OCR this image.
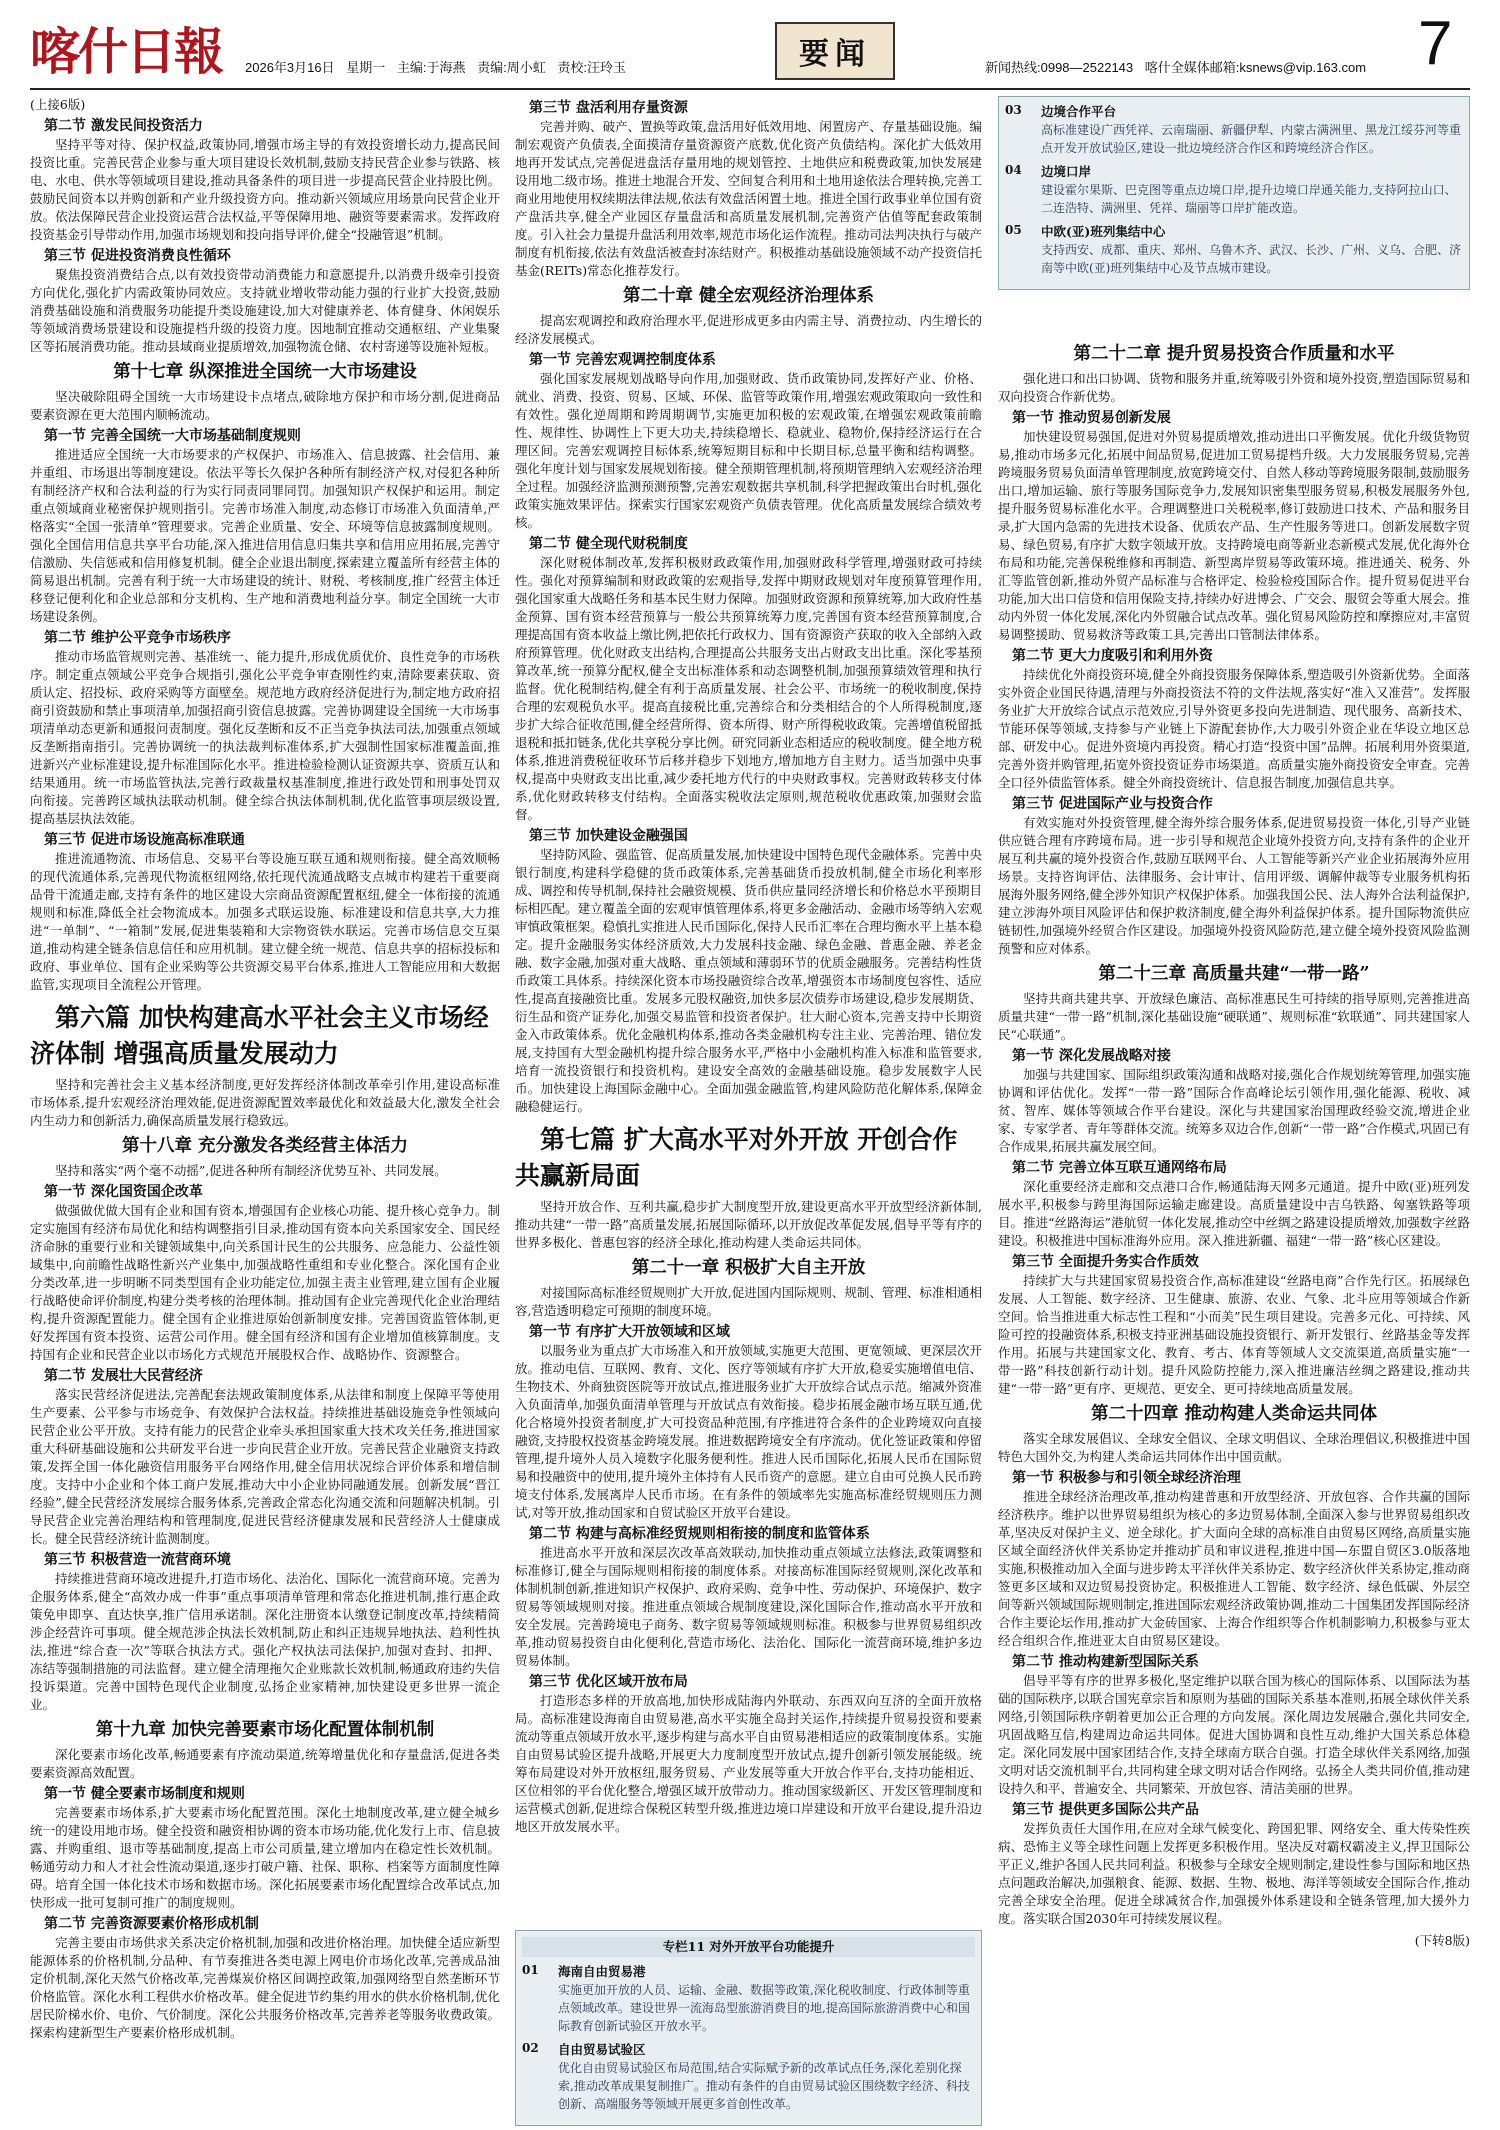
喀什日報 2026年3月16日 星期一 主编:于海燕 责编:周小虹 责校:汪玲玉	要闻	新闻热线:0998—2522143 喀什全媒体邮箱:ksnews@vip.163.com 7
(上接6版)
第二节 激发民间投资活力
坚持平等对待、保护权益,政策协同,增强市场主导的有效投资增长动力,提高民间投资比重。完善民营企业参与重大项目建设长效机制,鼓励支持民营企业参与铁路、核电、水电、供水等领域项目建设,推动具备条件的项目进一步提高民营企业持股比例。鼓励民间资本以并购创新和产业升级投资方向。推动新兴领域应用场景向民营企业开放。依法保障民营企业投资运营合法权益,平等保障用地、融资等要素需求。发挥政府投资基金引导带动作用,加强市场规划和投向指导评价,健全“投融管退”机制。
第三节 促进投资消费良性循环
聚焦投资消费结合点,以有效投资带动消费能力和意愿提升,以消费升级牵引投资方向优化,强化扩内需政策协同效应。支持就业增收带动能力强的行业扩大投资,鼓励消费基础设施和消费服务功能提升类设施建设,加大对健康养老、体育健身、休闲娱乐等领域消费场景建设和设施提档升级的投资力度。因地制宜推动交通枢纽、产业集聚区等拓展消费功能。推动县域商业提质增效,加强物流仓储、农村寄递等设施补短板。
第十七章 纵深推进全国统一大市场建设
坚决破除阻碍全国统一大市场建设卡点堵点,破除地方保护和市场分割,促进商品要素资源在更大范围内顺畅流动。
第一节 完善全国统一大市场基础制度规则
推进适应全国统一大市场要求的产权保护、市场准入、信息披露、社会信用、兼并重组、市场退出等制度建设。依法平等长久保护各种所有制经济产权,对侵犯各种所有制经济产权和合法利益的行为实行同责同罪同罚。加强知识产权保护和运用。制定重点领域商业秘密保护规则指引。完善市场准入制度,动态修订市场准入负面清单,严格落实“全国一张清单”管理要求。完善企业质量、安全、环境等信息披露制度规则。强化全国信用信息共享平台功能,深入推进信用信息归集共享和信用应用拓展,完善守信激励、失信惩戒和信用修复机制。健全企业退出制度,探索建立覆盖所有经营主体的简易退出机制。完善有利于统一大市场建设的统计、财税、考核制度,推广经营主体迁移登记便利化和企业总部和分支机构、生产地和消费地利益分享。制定全国统一大市场建设条例。
第二节 维护公平竞争市场秩序
推动市场监管规则完善、基准统一、能力提升,形成优质优价、良性竞争的市场秩序。制定重点领域公平竞争合规指引,强化公平竞争审查刚性约束,清除要素获取、资质认定、招投标、政府采购等方面壁垒。规范地方政府经济促进行为,制定地方政府招商引资鼓励和禁止事项清单,加强招商引资信息披露。完善协调建设全国统一大市场事项清单动态更新和通报问责制度。强化反垄断和反不正当竞争执法司法,加强重点领域反垄断指南指引。完善协调统一的执法裁判标准体系,扩大强制性国家标准覆盖面,推进新兴产业标准建设,提升标准国际化水平。推进检验检测认证资源共享、资质互认和结果通用。统一市场监管执法,完善行政裁量权基准制度,推进行政处罚和刑事处罚双向衔接。完善跨区域执法联动机制。健全综合执法体制机制,优化监管事项层级设置,提高基层执法效能。
第三节 促进市场设施高标准联通
推进流通物流、市场信息、交易平台等设施互联互通和规则衔接。健全高效顺畅的现代流通体系,完善现代物流枢纽网络,依托现代流通战略支点城市构建若干重要商品骨干流通走廊,支持有条件的地区建设大宗商品资源配置枢纽,健全一体衔接的流通规则和标准,降低全社会物流成本。加强多式联运设施、标准建设和信息共享,大力推进“一单制”、“一箱制”发展,促进集装箱和大宗物资铁水联运。完善市场信息交互渠道,推动构建全链条信息信任和应用机制。建立健全统一规范、信息共享的招标投标和政府、事业单位、国有企业采购等公共资源交易平台体系,推进人工智能应用和大数据监管,实现项目全流程公开管理。
第六篇 加快构建高水平社会主义市场经济体制 增强高质量发展动力
坚持和完善社会主义基本经济制度,更好发挥经济体制改革牵引作用,建设高标准市场体系,提升宏观经济治理效能,促进资源配置效率最优化和效益最大化,激发全社会内生动力和创新活力,确保高质量发展行稳致远。
第十八章 充分激发各类经营主体活力
坚持和落实“两个毫不动摇”,促进各种所有制经济优势互补、共同发展。
第一节 深化国资国企改革
做强做优做大国有企业和国有资本,增强国有企业核心功能、提升核心竞争力。制定实施国有经济布局优化和结构调整指引目录,推动国有资本向关系国家安全、国民经济命脉的重要行业和关键领域集中,向关系国计民生的公共服务、应急能力、公益性领域集中,向前瞻性战略性新兴产业集中,加强战略性重组和专业化整合。深化国有企业分类改革,进一步明晰不同类型国有企业功能定位,加强主责主业管理,建立国有企业履行战略使命评价制度,构建分类考核的治理体制。推动国有企业完善现代化企业治理结构,提升资源配置能力。健全国有企业推进原始创新制度安排。完善国资监管体制,更好发挥国有资本投资、运营公司作用。健全国有经济和国有企业增加值核算制度。支持国有企业和民营企业以市场化方式规范开展股权合作、战略协作、资源整合。
第二节 发展壮大民营经济
落实民营经济促进法,完善配套法规政策制度体系,从法律和制度上保障平等使用生产要素、公平参与市场竞争、有效保护合法权益。持续推进基础设施竞争性领域向民营企业公平开放。支持有能力的民营企业牵头承担国家重大技术攻关任务,推进国家重大科研基础设施和公共研发平台进一步向民营企业开放。完善民营企业融资支持政策,发挥全国一体化融资信用服务平台网络作用,健全信用状况综合评价体系和增信制度。支持中小企业和个体工商户发展,推动大中小企业协同融通发展。创新发展“晋江经验”,健全民营经济发展综合服务体系,完善政企常态化沟通交流和问题解决机制。引导民营企业完善治理结构和管理制度,促进民营经济健康发展和民营经济人士健康成长。健全民营经济统计监测制度。
第三节 积极营造一流营商环境
持续推进营商环境改进提升,打造市场化、法治化、国际化一流营商环境。完善为企服务体系,健全“高效办成一件事”重点事项清单管理和常态化推进机制,推行惠企政策免申即享、直达快享,推广信用承诺制。深化注册资本认缴登记制度改革,持续精简涉企经营许可事项。健全规范涉企执法长效机制,防止和纠正违规异地执法、趋利性执法,推进“综合查一次”等联合执法方式。强化产权执法司法保护,加强对查封、扣押、冻结等强制措施的司法监督。建立健全清理拖欠企业账款长效机制,畅通政府违约失信投诉渠道。完善中国特色现代企业制度,弘扬企业家精神,加快建设更多世界一流企业。
第十九章 加快完善要素市场化配置体制机制
深化要素市场化改革,畅通要素有序流动渠道,统筹增量优化和存量盘活,促进各类要素资源高效配置。
第一节 健全要素市场制度和规则
完善要素市场体系,扩大要素市场化配置范围。深化土地制度改革,建立健全城乡统一的建设用地市场。健全投资和融资相协调的资本市场功能,优化发行上市、信息披露、并购重组、退市等基础制度,提高上市公司质量,建立增加内在稳定性长效机制。畅通劳动力和人才社会性流动渠道,逐步打破户籍、社保、职称、档案等方面制度性障碍。培育全国一体化技术市场和数据市场。深化拓展要素市场化配置综合改革试点,加快形成一批可复制可推广的制度规则。
第二节 完善资源要素价格形成机制
完善主要由市场供求关系决定价格机制,加强和改进价格治理。加快健全适应新型能源体系的价格机制,分品种、有节奏推进各类电源上网电价市场化改革,完善成品油定价机制,深化天然气价格改革,完善煤炭价格区间调控政策,加强网络型自然垄断环节价格监管。深化水利工程供水价格改革。健全促进节约集约用水的供水价格机制,优化居民阶梯水价、电价、气价制度。深化公共服务价格改革,完善养老等服务收费政策。探索构建新型生产要素价格形成机制。
第三节 盘活利用存量资源
完善并购、破产、置换等政策,盘活用好低效用地、闲置房产、存量基础设施。编制宏观资产负债表,全面摸清存量资源资产底数,优化资产负债结构。深化扩大低效用地再开发试点,完善促进盘活存量用地的规划管控、土地供应和税费政策,加快发展建设用地二级市场。推进土地混合开发、空间复合利用和土地用途依法合理转换,完善工商业用地使用权续期法律法规,依法有效盘活闲置土地。推进全国行政事业单位国有资产盘活共享,健全产业园区存量盘活和高质量发展机制,完善资产估值等配套政策制度。引入社会力量提升盘活利用效率,规范市场化运作流程。推动司法判决执行与破产制度有机衔接,依法有效盘活被查封冻结财产。积极推动基础设施领域不动产投资信托基金(REITs)常态化推荐发行。
第二十章 健全宏观经济治理体系
提高宏观调控和政府治理水平,促进形成更多由内需主导、消费拉动、内生增长的经济发展模式。
第一节 完善宏观调控制度体系
强化国家发展规划战略导向作用,加强财政、货币政策协同,发挥好产业、价格、就业、消费、投资、贸易、区域、环保、监管等政策作用,增强宏观政策取向一致性和有效性。强化逆周期和跨周期调节,实施更加积极的宏观政策,在增强宏观政策前瞻性、规律性、协调性上下更大功夫,持续稳增长、稳就业、稳物价,保持经济运行在合理区间。完善宏观调控目标体系,统筹短期目标和中长期目标,总量平衡和结构调整。强化年度计划与国家发展规划衔接。健全预期管理机制,将预期管理纳入宏观经济治理全过程。加强经济监测预测预警,完善宏观数据共享机制,科学把握政策出台时机,强化政策实施效果评估。探索实行国家宏观资产负债表管理。优化高质量发展综合绩效考核。
第二节 健全现代财税制度
深化财税体制改革,发挥积极财政政策作用,加强财政科学管理,增强财政可持续性。强化对预算编制和财政政策的宏观指导,发挥中期财政规划对年度预算管理作用,强化国家重大战略任务和基本民生财力保障。加强财政资源和预算统筹,加大政府性基金预算、国有资本经营预算与一般公共预算统筹力度,完善国有资本经营预算制度,合理提高国有资本收益上缴比例,把依托行政权力、国有资源资产获取的收入全部纳入政府预算管理。优化财政支出结构,合理提高公共服务支出占财政支出比重。深化零基预算改革,统一预算分配权,健全支出标准体系和动态调整机制,加强预算绩效管理和执行监督。优化税制结构,健全有利于高质量发展、社会公平、市场统一的税收制度,保持合理的宏观税负水平。提高直接税比重,完善综合和分类相结合的个人所得税制度,逐步扩大综合征收范围,健全经营所得、资本所得、财产所得税收政策。完善增值税留抵退税和抵扣链条,优化共享税分享比例。研究同新业态相适应的税收制度。健全地方税体系,推进消费税征收环节后移并稳步下划地方,增加地方自主财力。适当加强中央事权,提高中央财政支出比重,减少委托地方代行的中央财政事权。完善财政转移支付体系,优化财政转移支付结构。全面落实税收法定原则,规范税收优惠政策,加强财会监督。
第三节 加快建设金融强国
坚持防风险、强监管、促高质量发展,加快建设中国特色现代金融体系。完善中央银行制度,构建科学稳健的货币政策体系,完善基础货币投放机制,健全市场化利率形成、调控和传导机制,保持社会融资规模、货币供应量同经济增长和价格总水平预期目标相匹配。建立覆盖全面的宏观审慎管理体系,将更多金融活动、金融市场等纳入宏观审慎政策框架。稳慎扎实推进人民币国际化,保持人民币汇率在合理均衡水平上基本稳定。提升金融服务实体经济质效,大力发展科技金融、绿色金融、普惠金融、养老金融、数字金融,加强对重大战略、重点领域和薄弱环节的优质金融服务。完善结构性货币政策工具体系。持续深化资本市场投融资综合改革,增强资本市场制度包容性、适应性,提高直接融资比重。发展多元股权融资,加快多层次债券市场建设,稳步发展期货、衍生品和资产证券化,加强交易监管和投资者保护。壮大耐心资本,完善支持中长期资金入市政策体系。优化金融机构体系,推动各类金融机构专注主业、完善治理、错位发展,支持国有大型金融机构提升综合服务水平,严格中小金融机构准入标准和监管要求,培育一流投资银行和投资机构。建设安全高效的金融基础设施。稳步发展数字人民币。加快建设上海国际金融中心。全面加强金融监管,构建风险防范化解体系,保障金融稳健运行。
第七篇 扩大高水平对外开放 开创合作共赢新局面
坚持开放合作、互利共赢,稳步扩大制度型开放,建设更高水平开放型经济新体制,推动共建“一带一路”高质量发展,拓展国际循环,以开放促改革促发展,倡导平等有序的世界多极化、普惠包容的经济全球化,推动构建人类命运共同体。
第二十一章 积极扩大自主开放
对接国际高标准经贸规则扩大开放,促进国内国际规则、规制、管理、标准相通相容,营造透明稳定可预期的制度环境。
第一节 有序扩大开放领域和区域
以服务业为重点扩大市场准入和开放领域,实施更大范围、更宽领域、更深层次开放。推动电信、互联网、教育、文化、医疗等领域有序扩大开放,稳妥实施增值电信、生物技术、外商独资医院等开放试点,推进服务业扩大开放综合试点示范。缩减外资准入负面清单,加强负面清单管理与开放试点有效衔接。稳步拓展金融市场互联互通,优化合格境外投资者制度,扩大可投资品种范围,有序推进符合条件的企业跨境双向直接融资,支持股权投资基金跨境发展。推进数据跨境安全有序流动。优化签证政策和停留管理,提升境外人员入境数字化服务便利性。推进人民币国际化,拓展人民币在国际贸易和投融资中的使用,提升境外主体持有人民币资产的意愿。建立自由可兑换人民币跨境支付体系,发展离岸人民币市场。在有条件的领域率先实施高标准经贸规则压力测试,对等开放,推动国家和自贸试验区开放平台建设。
第二节 构建与高标准经贸规则相衔接的制度和监管体系
推进高水平开放和深层次改革高效联动,加快推动重点领域立法修法,政策调整和标准修订,健全与国际规则相衔接的制度体系。对接高标准国际经贸规则,深化改革和体制机制创新,推进知识产权保护、政府采购、竞争中性、劳动保护、环境保护、数字贸易等领域规则对接。推进重点领域合规制度建设,深化国际合作,推动高水平开放和安全发展。完善跨境电子商务、数字贸易等领域规则标准。积极参与世界贸易组织改革,推动贸易投资自由化便利化,营造市场化、法治化、国际化一流营商环境,维护多边贸易体制。
第三节 优化区域开放布局
打造形态多样的开放高地,加快形成陆海内外联动、东西双向互济的全面开放格局。高标准建设海南自由贸易港,高水平实施全岛封关运作,持续提升贸易投资和要素流动等重点领域开放水平,逐步构建与高水平自由贸易港相适应的政策制度体系。实施自由贸易试验区提升战略,开展更大力度制度型开放试点,提升创新引领发展能级。统筹布局建设对外开放枢纽,服务贸易、产业发展等重大开放合作平台,支持功能相近、区位相邻的平台优化整合,增强区域开放带动力。推动国家级新区、开发区管理制度和运营模式创新,促进综合保税区转型升级,推进边境口岸建设和开放平台建设,提升沿边地区开放发展水平。
专栏11 对外开放平台功能提升
01	海南自由贸易港
实施更加开放的人员、运输、金融、数据等政策,深化税收制度、行政体制等重点领域改革。建设世界一流海岛型旅游消费目的地,提高国际旅游消费中心和国际教育创新试验区开放水平。
02	自由贸易试验区
优化自由贸易试验区布局范围,结合实际赋予新的改革试点任务,深化差别化探索,推动改革成果复制推广。推动有条件的自由贸易试验区围绕数字经济、科技创新、高端服务等领域开展更多首创性改革。
03	边境合作平台
高标准建设广西凭祥、云南瑞丽、新疆伊犁、内蒙古满洲里、黑龙江绥芬河等重点开发开放试验区,建设一批边境经济合作区和跨境经济合作区。
04	边境口岸
建设霍尔果斯、巴克图等重点边境口岸,提升边境口岸通关能力,支持阿拉山口、二连浩特、满洲里、凭祥、瑞丽等口岸扩能改造。
05	中欧(亚)班列集结中心
支持西安、成都、重庆、郑州、乌鲁木齐、武汉、长沙、广州、义乌、合肥、济南等中欧(亚)班列集结中心及节点城市建设。
第二十二章 提升贸易投资合作质量和水平
强化进口和出口协调、货物和服务并重,统筹吸引外资和境外投资,塑造国际贸易和双向投资合作新优势。
第一节 推动贸易创新发展
加快建设贸易强国,促进对外贸易提质增效,推动进出口平衡发展。优化升级货物贸易,推动市场多元化,拓展中间品贸易,促进加工贸易提档升级。大力发展服务贸易,完善跨境服务贸易负面清单管理制度,放宽跨境交付、自然人移动等跨境服务限制,鼓励服务出口,增加运输、旅行等服务国际竞争力,发展知识密集型服务贸易,积极发展服务外包,提升服务贸易标准化水平。合理调整进口关税税率,修订鼓励进口技术、产品和服务目录,扩大国内急需的先进技术设备、优质农产品、生产性服务等进口。创新发展数字贸易、绿色贸易,有序扩大数字领域开放。支持跨境电商等新业态新模式发展,优化海外仓布局和功能,完善保税维修和再制造、新型离岸贸易等政策环境。推进通关、税务、外汇等监管创新,推动外贸产品标准与合格评定、检验检疫国际合作。提升贸易促进平台功能,加大出口信贷和信用保险支持,持续办好进博会、广交会、服贸会等重大展会。推动内外贸一体化发展,深化内外贸融合试点改革。强化贸易风险防控和摩擦应对,丰富贸易调整援助、贸易救济等政策工具,完善出口管制法律体系。
第二节 更大力度吸引和利用外资
持续优化外商投资环境,健全外商投资服务保障体系,塑造吸引外资新优势。全面落实外资企业国民待遇,清理与外商投资法不符的文件法规,落实好“准入又准营”。发挥服务业扩大开放综合试点示范效应,引导外资更多投向先进制造、现代服务、高新技术、节能环保等领域,支持参与产业链上下游配套协作,大力吸引外资企业在华设立地区总部、研发中心。促进外资境内再投资。精心打造“投资中国”品牌。拓展利用外资渠道,完善外资并购管理,拓宽外资投资证券市场渠道。高质量实施外商投资安全审查。完善全口径外债监管体系。健全外商投资统计、信息报告制度,加强信息共享。
第三节 促进国际产业与投资合作
有效实施对外投资管理,健全海外综合服务体系,促进贸易投资一体化,引导产业链供应链合理有序跨境布局。进一步引导和规范企业境外投资方向,支持有条件的企业开展互利共赢的境外投资合作,鼓励互联网平台、人工智能等新兴产业企业拓展海外应用场景。支持咨询评估、法律服务、会计审计、信用评级、调解仲裁等专业服务机构拓展海外服务网络,健全涉外知识产权保护体系。加强我国公民、法人海外合法利益保护,建立涉海外项目风险评估和保护救济制度,健全海外利益保护体系。提升国际物流供应链韧性,加强境外经贸合作区建设。加强境外投资风险防范,建立健全境外投资风险监测预警和应对体系。
第二十三章 高质量共建“一带一路”
坚持共商共建共享、开放绿色廉洁、高标准惠民生可持续的指导原则,完善推进高质量共建“一带一路”机制,深化基础设施“硬联通”、规则标准“软联通”、同共建国家人民“心联通”。
第一节 深化发展战略对接
加强与共建国家、国际组织政策沟通和战略对接,强化合作规划统筹管理,加强实施协调和评估优化。发挥“一带一路”国际合作高峰论坛引领作用,强化能源、税收、减贫、智库、媒体等领域合作平台建设。深化与共建国家治国理政经验交流,增进企业家、专家学者、青年等群体交流。统筹多双边合作,创新“一带一路”合作模式,巩固已有合作成果,拓展共赢发展空间。
第二节 完善立体互联互通网络布局
深化重要经济走廊和交点港口合作,畅通陆海天网多元通道。提升中欧(亚)班列发展水平,积极参与跨里海国际运输走廊建设。高质量建设中吉乌铁路、匈塞铁路等项目。推进“丝路海运”港航贸一体化发展,推动空中丝绸之路建设提质增效,加强数字丝路建设。积极推进中国标准海外应用。深入推进新疆、福建“一带一路”核心区建设。
第三节 全面提升务实合作质效
持续扩大与共建国家贸易投资合作,高标准建设“丝路电商”合作先行区。拓展绿色发展、人工智能、数字经济、卫生健康、旅游、农业、气象、北斗应用等领域合作新空间。恰当推进重大标志性工程和“小而美”民生项目建设。完善多元化、可持续、风险可控的投融资体系,积极支持亚洲基础设施投资银行、新开发银行、丝路基金等发挥作用。拓展与共建国家文化、教育、考古、体育等领域人文交流渠道,高质量实施“一带一路”科技创新行动计划。提升风险防控能力,深入推进廉洁丝绸之路建设,推动共建“一带一路”更有序、更规范、更安全、更可持续地高质量发展。
第二十四章 推动构建人类命运共同体
落实全球发展倡议、全球安全倡议、全球文明倡议、全球治理倡议,积极推进中国特色大国外交,为构建人类命运共同体作出中国贡献。
第一节 积极参与和引领全球经济治理
推进全球经济治理改革,推动构建普惠和开放型经济、开放包容、合作共赢的国际经济秩序。维护以世界贸易组织为核心的多边贸易体制,全面深入参与世界贸易组织改革,坚决反对保护主义、逆全球化。扩大面向全球的高标准自由贸易区网络,高质量实施区域全面经济伙伴关系协定并推动扩员和审议进程,推进中国—东盟自贸区3.0版落地实施,积极推动加入全面与进步跨太平洋伙伴关系协定、数字经济伙伴关系协定,推动商签更多区域和双边贸易投资协定。积极推进人工智能、数字经济、绿色低碳、外层空间等新兴领域国际规则制定,推进国际宏观经济政策协调,推动二十国集团发挥国际经济合作主要论坛作用,推动扩大金砖国家、上海合作组织等合作机制影响力,积极参与亚太经合组织合作,推进亚太自由贸易区建设。
第二节 推动构建新型国际关系
倡导平等有序的世界多极化,坚定维护以联合国为核心的国际体系、以国际法为基础的国际秩序,以联合国宪章宗旨和原则为基础的国际关系基本准则,拓展全球伙伴关系网络,引领国际秩序朝着更加公正合理的方向发展。深化周边发展融合,强化共同安全,巩固战略互信,构建周边命运共同体。促进大国协调和良性互动,维护大国关系总体稳定。深化同发展中国家团结合作,支持全球南方联合自强。打造全球伙伴关系网络,加强文明对话交流机制平台,共同构建全球文明对话合作网络。弘扬全人类共同价值,推动建设持久和平、普遍安全、共同繁荣、开放包容、清洁美丽的世界。
第三节 提供更多国际公共产品
发挥负责任大国作用,在应对全球气候变化、跨国犯罪、网络安全、重大传染性疾病、恐怖主义等全球性问题上发挥更多积极作用。坚决反对霸权霸凌主义,捍卫国际公平正义,维护各国人民共同利益。积极参与全球安全规则制定,建设性参与国际和地区热点问题政治解决,加强粮食、能源、数据、生物、极地、海洋等领域安全国际合作,推动完善全球安全治理。促进全球减贫合作,加强援外体系建设和全链条管理,加大援外力度。落实联合国2030年可持续发展议程。
(下转8版)
